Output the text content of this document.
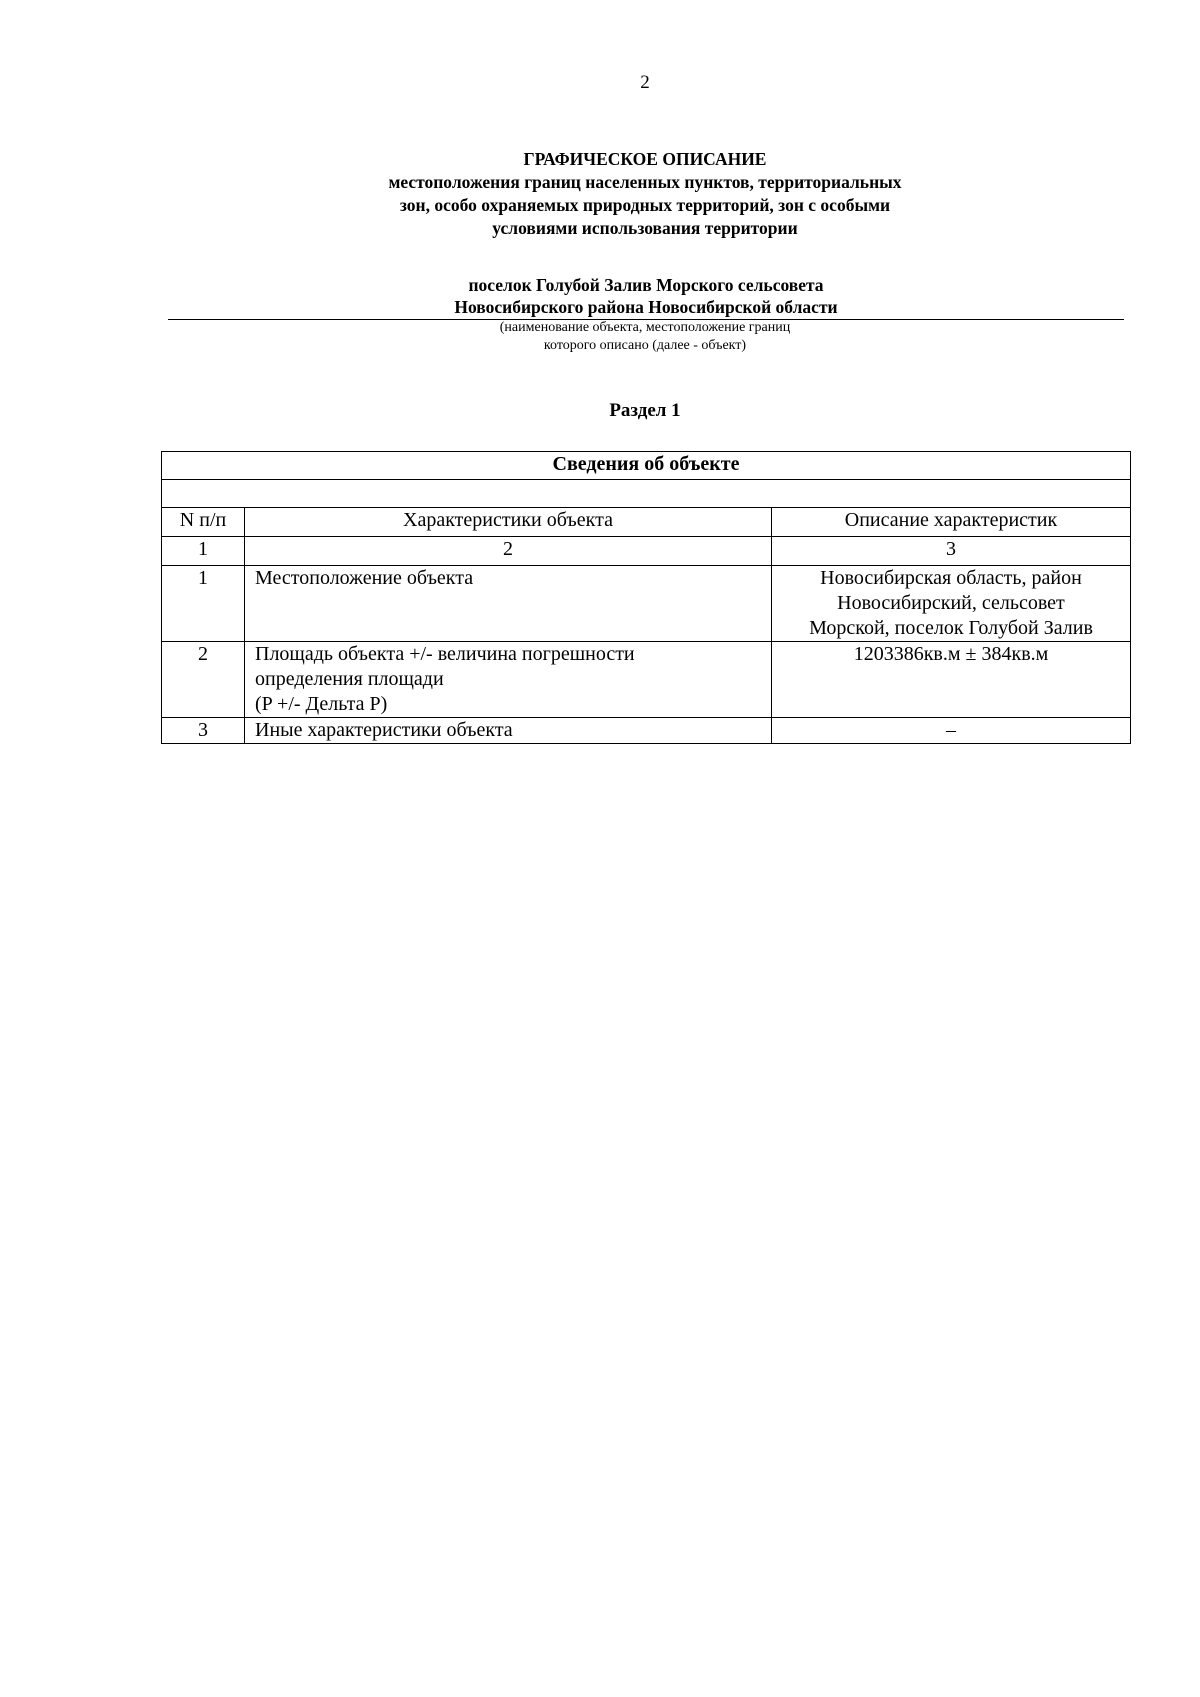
2
ГРАФИЧЕСКОЕ ОПИСАНИЕ
местоположения границ населенных пунктов, территориальных
зон, особо охраняемых природных территорий, зон с особыми
условиями использования территории
поселок Голубой Залив Морского сельсовета
Новосибирского района Новосибирской области
(наименование объекта, местоположение границ
которого описано (далее - объект)
Раздел 1
Сведения об объекте		

N п/п	Характеристики объекта	Описание характеристик
1	2	3
1	Местоположение объекта	Новосибирская область, район
Новосибирский, сельсовет
Морской, поселок Голубой Залив

2	Площадь объекта +/- величина погрешности
определения площади
(P +/- Дельта P)	1203386кв.м ± 384кв.м

3	Иные характеристики объекта	–
